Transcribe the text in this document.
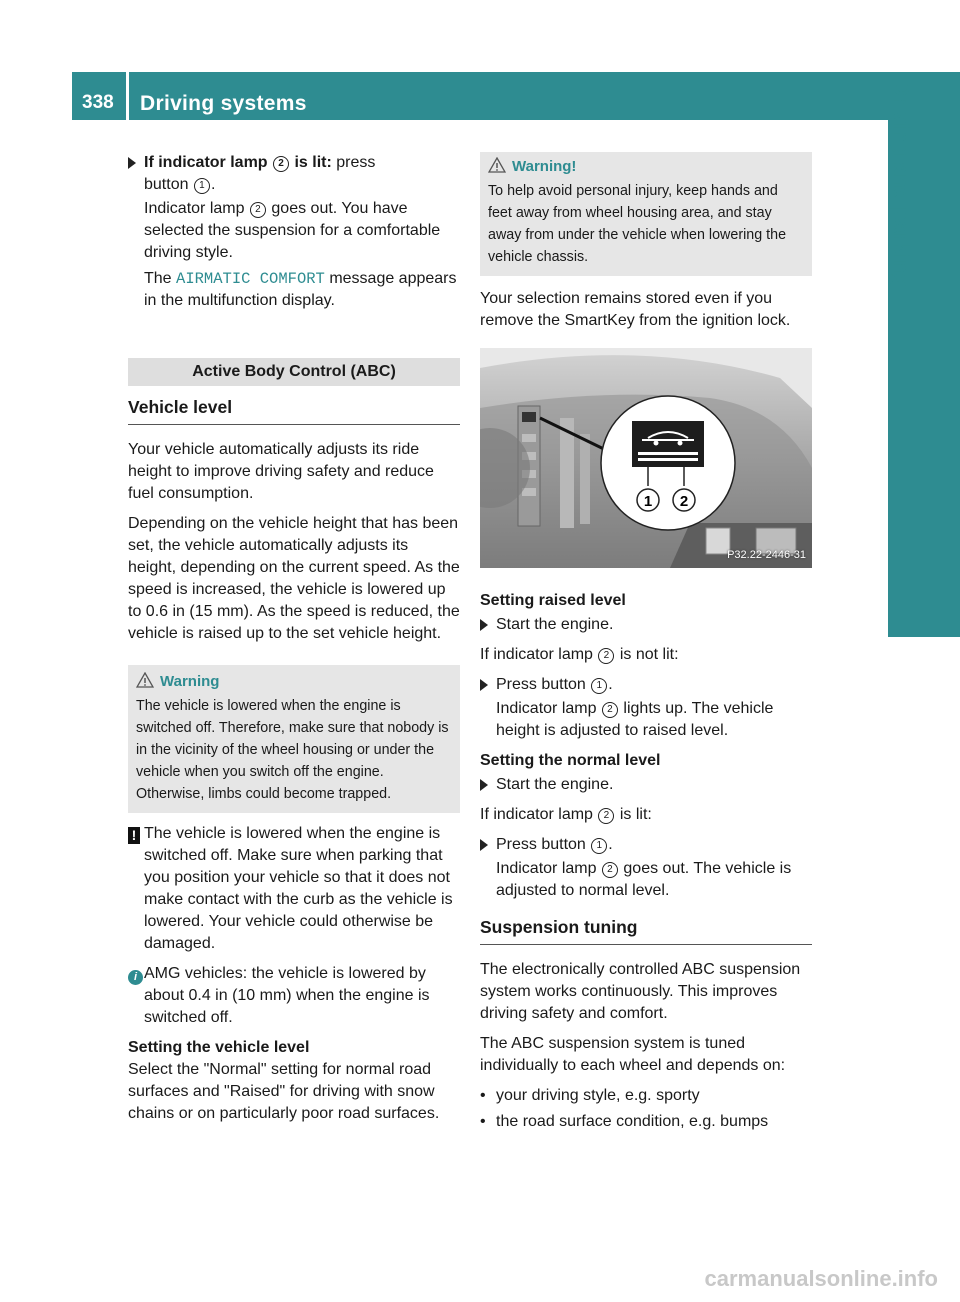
338	Driving systems	Driving and parking
If indicator lamp 2 is lit: press
button 1 .

Indicator lamp 2 goes out. You have selected the suspension for a comfortable driving style.

The AIRMATIC COMFORT message appears in the multifunction display.

Active Body Control (ABC)
Vehicle level

Your vehicle automatically adjusts its ride height to improve driving safety and reduce fuel consumption.

Depending on the vehicle height that has been set, the vehicle automatically adjusts its height, depending on the current speed. As the speed is increased, the vehicle is lowered up to 0.6 in (15 mm). As the speed is reduced, the vehicle is raised up to the set vehicle height.

Warning
The vehicle is lowered when the engine is switched off. Therefore, make sure that nobody is in the vicinity of the wheel housing or under the vehicle when you switch off the engine. Otherwise, limbs could become trapped.

! The vehicle is lowered when the engine is switched off. Make sure when parking that you position your vehicle so that it does not make contact with the curb as the vehicle is lowered. Your vehicle could otherwise be damaged.

i AMG vehicles: the vehicle is lowered by about 0.4 in (10 mm) when the engine is switched off.

Setting the vehicle level

Select the "Normal" setting for normal road surfaces and "Raised" for driving with snow chains or on particularly poor road surfaces.

Warning!
To help avoid personal injury, keep hands and feet away from wheel housing area, and stay away from under the vehicle when lowering the vehicle chassis.

Your selection remains stored even if you remove the SmartKey from the ignition lock.

1 2
P32.22-2446-31
Setting raised level
Start the engine.

If indicator lamp 2 is not lit:

Press button 1 .

Indicator lamp 2 lights up. The vehicle height is adjusted to raised level.

Setting the normal level
Start the engine.

If indicator lamp 2 is lit:

Press button 1 .

Indicator lamp 2 goes out. The vehicle is adjusted to normal level.

Suspension tuning

The electronically controlled ABC suspension system works continuously. This improves driving safety and comfort.

The ABC suspension system is tuned individually to each wheel and depends on:

• your driving style, e.g. sporty
• the road surface condition, e.g. bumps
carmanualsonline.info
